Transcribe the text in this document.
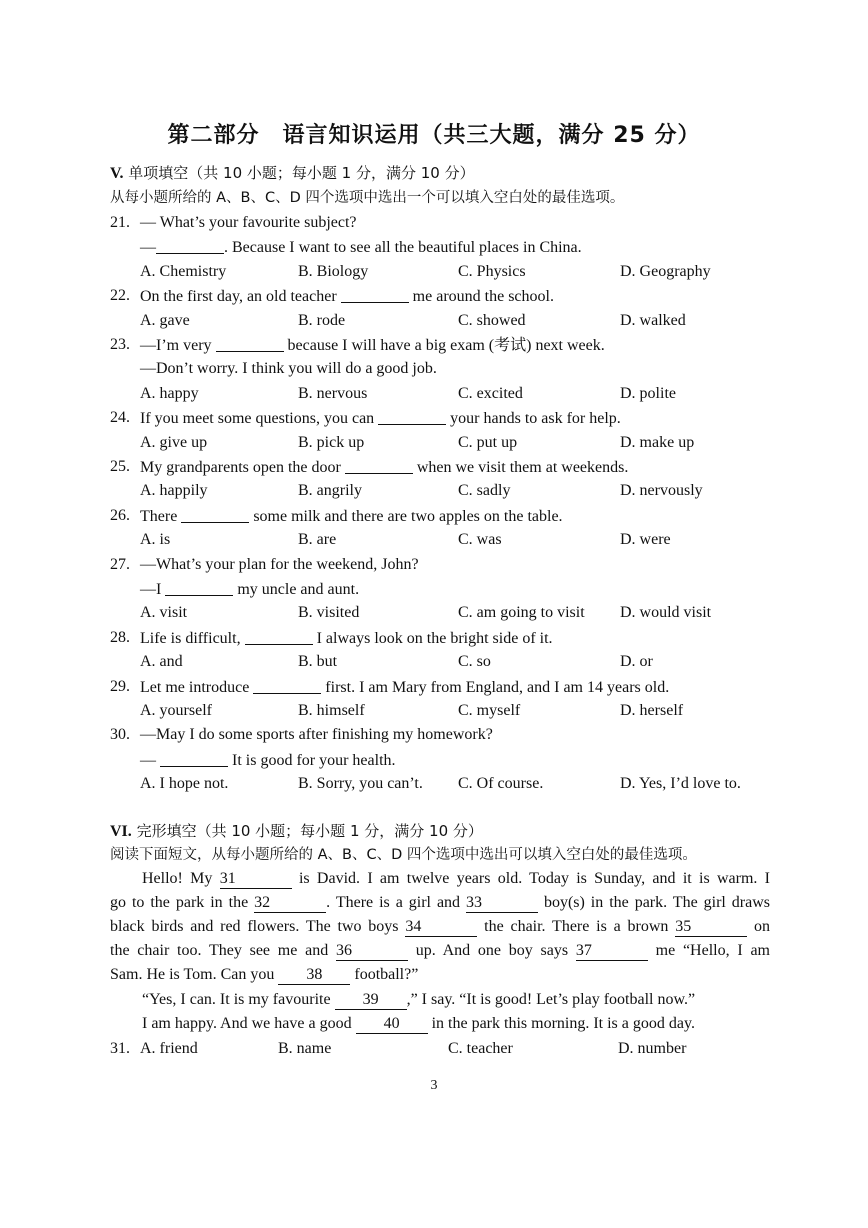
第二部分　语言知识运用（共三大题，满分 25 分）
V. 单项填空（共 10 小题；每小题 1 分，满分 10 分）
从每小题所给的 A、B、C、D 四个选项中选出一个可以填入空白处的最佳选项。
21. — What’s your favourite subject?
—	. Because I want to see all the beautiful places in China.
A. Chemistry	B. Biology	C. Physics	D. Geography
22. On the first day, an old teacher	me around the school.
A. gave	B. rode	C. showed	D. walked
23. —I’m very	because I will have a big exam (考试) next week.
—Don’t worry. I think you will do a good job.
A. happy	B. nervous	C. excited	D. polite
24. If you meet some questions, you can	your hands to ask for help.
A. give up	B. pick up	C. put up	D. make up
25. My grandparents open the door	when we visit them at weekends.
A. happily	B. angrily	C. sadly	D. nervously
26. There	some milk and there are two apples on the table.
A. is	B. are	C. was	D. were
27. —What’s your plan for the weekend, John?
—I	my uncle and aunt.
A. visit	B. visited	C. am going to visit D. would visit
28. Life is difficult,	I always look on the bright side of it.
A. and	B. but	C. so	D. or
29. Let me introduce	first. I am Mary from England, and I am 14 years old.
A. yourself	B. himself	C. myself	D. herself
30. —May I do some sports after finishing my homework?
—	It is good for your health.
A. I hope not.	B. Sorry, you can’t. C. Of course.	D. Yes, I’d love to.
VI. 完形填空（共 10 小题；每小题 1 分，满分 10 分）
阅读下面短文，从每小题所给的 A、B、C、D 四个选项中选出可以填入空白处的最佳选项。
Hello! My 31	is David. I am twelve years old. Today is Sunday, and it is warm. I
go to the park in the 32	. There is a girl and 33	boy(s) in the park. The girl draws
black birds and red flowers. The two boys 34	the chair. There is a brown 35	on
the chair too. They see me and 36	up. And one boy says 37	me “Hello, I am
Sam. He is Tom. Can you 38 football?”
“Yes, I can. It is my favourite 39 ,” I say. “It is good! Let’s play football now.”
I am happy. And we have a good 40 in the park this morning. It is a good day.
31. A. friend	B. name	C. teacher	D. number
3
